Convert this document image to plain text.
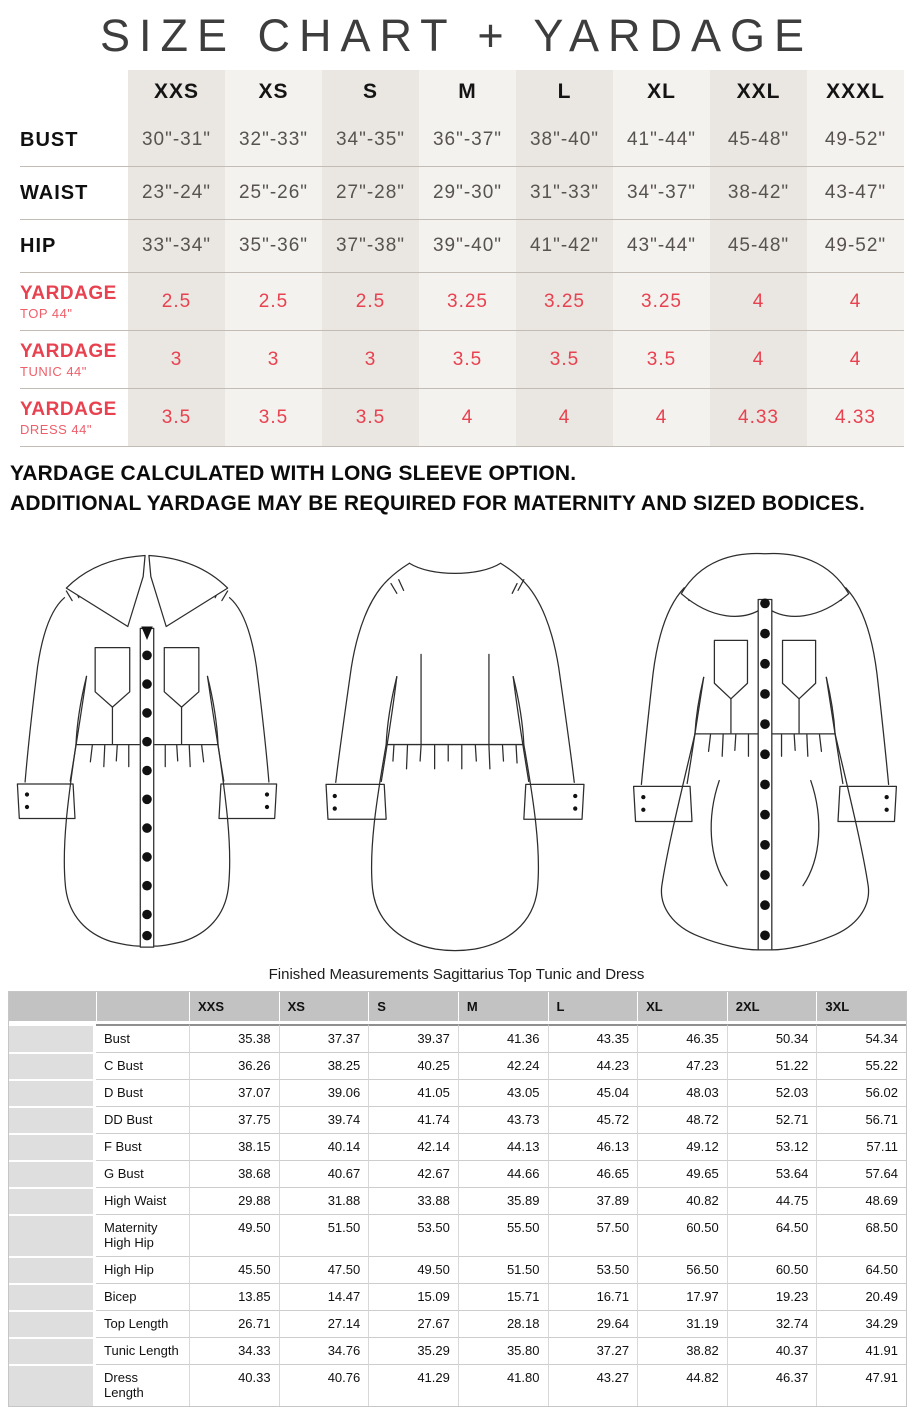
SIZE CHART + YARDAGE
XXS	XS	S	M	L	XL	XXL	XXXL
BUST	30"-31"	32"-33"	34"-35"	36"-37"	38"-40"	41"-44"	45-48"	49-52"
WAIST	23"-24"	25"-26"	27"-28"	29"-30"	31"-33"	34"-37"	38-42"	43-47"
HIP	33"-34"	35"-36"	37"-38"	39"-40"	41"-42"	43"-44"	45-48"	49-52"
YARDAGE
TOP 44"
2.5	2.5	2.5	3.25	3.25	3.25	4	4
YARDAGE
TUNIC 44"
3	3	3	3.5	3.5	3.5	4	4
YARDAGE
DRESS 44"
3.5	3.5	3.5	4	4	4	4.33	4.33
YARDAGE CALCULATED WITH LONG SLEEVE OPTION.
ADDITIONAL YARDAGE MAY BE REQUIRED FOR MATERNITY AND SIZED BODICES.
Finished Measurements Sagittarius Top Tunic and Dress
XXS	XS	S	M	L	XL	2XL	3XL
Bust	35.38	37.37	39.37	41.36	43.35	46.35	50.34	54.34
C Bust	36.26	38.25	40.25	42.24	44.23	47.23	51.22	55.22
D Bust	37.07	39.06	41.05	43.05	45.04	48.03	52.03	56.02
DD Bust	37.75	39.74	41.74	43.73	45.72	48.72	52.71	56.71
F Bust	38.15	40.14	42.14	44.13	46.13	49.12	53.12	57.11
G Bust	38.68	40.67	42.67	44.66	46.65	49.65	53.64	57.64
High Waist	29.88	31.88	33.88	35.89	37.89	40.82	44.75	48.69
Maternity High Hip
49.50	51.50	53.50	55.50	57.50	60.50	64.50	68.50
High Hip	45.50	47.50	49.50	51.50	53.50	56.50	60.50	64.50
Bicep	13.85	14.47	15.09	15.71	16.71	17.97	19.23	20.49
Top Length	26.71	27.14	27.67	28.18	29.64	31.19	32.74	34.29
Tunic Length	34.33	34.76	35.29	35.80	37.27	38.82	40.37	41.91
Dress Length
40.33	40.76	41.29	41.80	43.27	44.82	46.37	47.91
